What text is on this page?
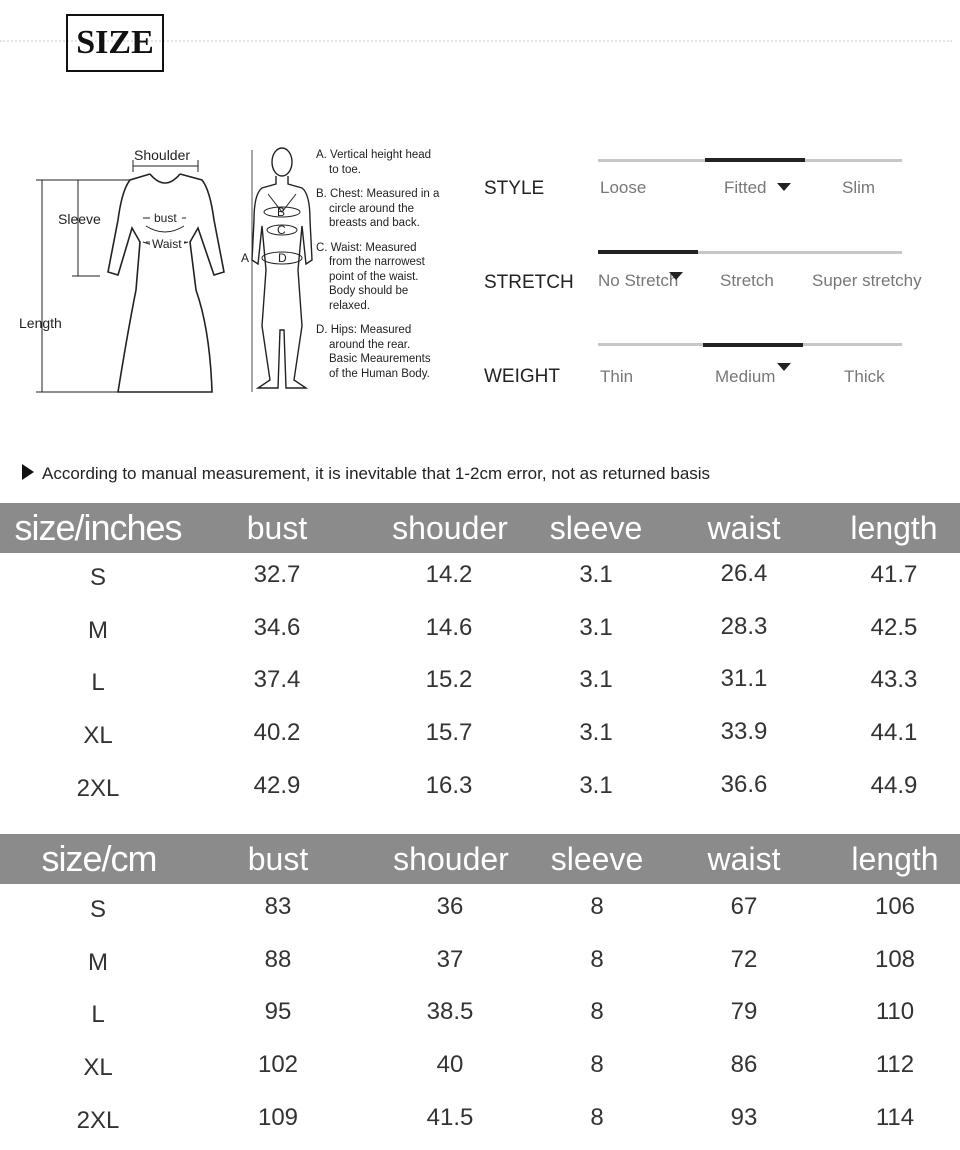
SIZE
Shoulder
Sleeve
Length
bust
Waist
B
C
D
A
A. Vertical height head
to toe.
B. Chest: Measured in a
circle around the
breasts and back.
C. Waist: Measured
from the narrowest
point of the waist.
Body should be
relaxed.
D. Hips: Measured
around the rear.
Basic Meaurements
of the Human Body.
STYLE	Loose	Fitted	Slim
STRETCH No Stretch Stretch Super stretchy
WEIGHT Thin	Medium	Thick
According to manual measurement, it is inevitable that 1-2cm error, not as returned basis
size/inches	bust	shouder	sleeve	waist	length
S	32.7	14.2	3.1	26.4	41.7
M	34.6	14.6	3.1	28.3	42.5
L	37.4	15.2	3.1	31.1	43.3
XL	40.2	15.7	3.1	33.9	44.1
2XL	42.9	16.3	3.1	36.6	44.9
size/cm	bust	shouder	sleeve	waist	length
S	83	36	8	67	106
M	88	37	8	72	108
L	95	38.5	8	79	110
XL	102	40	8	86	112
2XL	109	41.5	8	93	114
